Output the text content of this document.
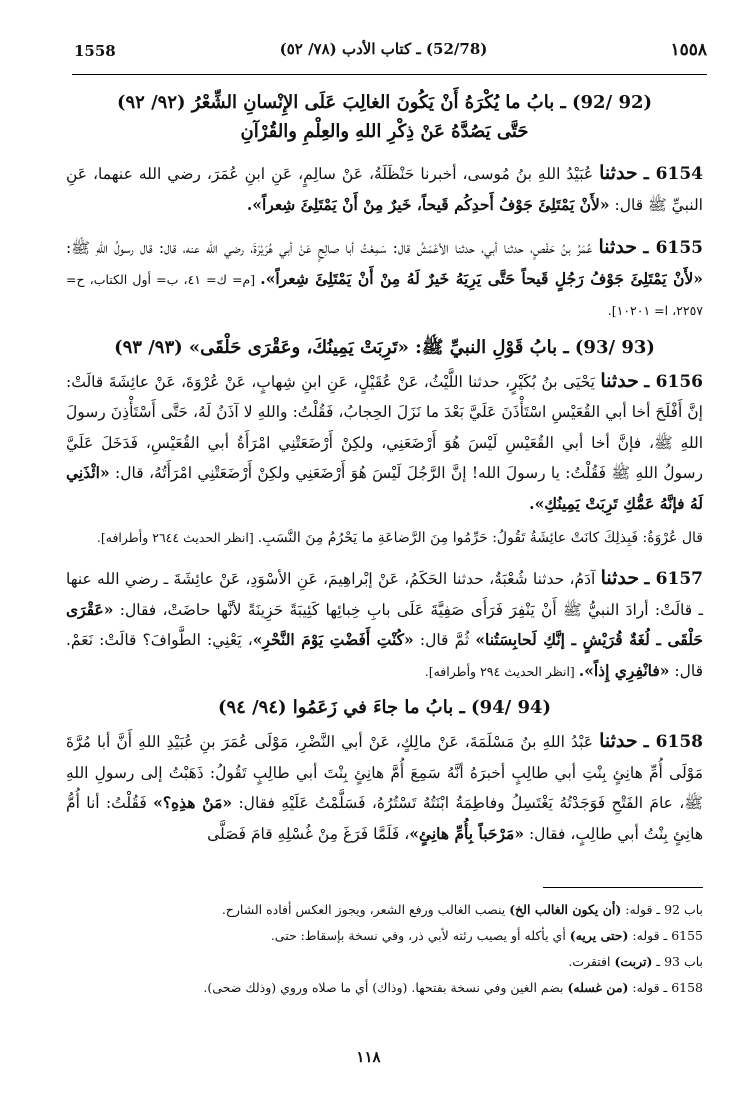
1558	(52/78) ـ كتاب الأدب (٧٨/ ٥٢)	١٥٥٨

(92 /92) ـ بابُ ما يُكْرَهُ أَنْ يَكُونَ الغالِبَ عَلَى الإِنْسانِ الشِّعْرُ (٩٢/ ٩٢)

حَتَّى يَصُدَّهُ عَنْ ذِكْرِ اللهِ والعِلْمِ والقُرْآنِ

6154 ـ حدثنا عُبَيْدُ اللهِ بنُ مُوسى، أخبرنا حَنْظَلَةُ، عَنْ سالِمٍ، عَنِ ابنِ عُمَرَ، رضي الله عنهما، عَنِ النبيِّ ﷺ قال: «لأَنْ يَمْتَلِئَ جَوْفُ أَحدِكُم قَيحاً، خَيرٌ مِنْ أَنْ يَمْتَلِئَ شِعراً».

6155 ـ حدثنا عُمَرُ بنُ حَفْصٍ، حدثنا أبي، حدثنا الأعْمَشُ قال: سَمِعْتُ أبا صالِحٍ عَنْ أبي هُرَيْرَةَ، رضي الله عنه، قال: قال رسولُ اللهِ ﷺ: «لأَنْ يَمْتَلِئَ جَوْفُ رَجُلٍ قَيحاً حَتَّى يَرِيَهُ خَيرٌ لَهُ مِنْ أَنْ يَمْتَلِئَ شِعراً». [م= ك= ٤١، ب= أول الكتاب، ح= ٢٢٥٧، ا= ١٠٢٠١].

(93 /93) ـ بابُ قَوْلِ النبيِّ ﷺ: «تَرِبَتْ يَمِينُكَ، وعَقْرَى حَلْقَى» (٩٣/ ٩٣)

6156 ـ حدثنا يَحْيَى بنُ بُكَيْرٍ، حدثنا اللَّيْثُ، عَنْ عُقَيْلٍ، عَنِ ابنِ شِهابٍ، عَنْ عُرْوَةَ، عَنْ عائِشَةَ قالَتْ: إنَّ أَفْلَحَ أخا أبي القُعَيْسِ اسْتَأْذَنَ عَلَيَّ بَعْدَ ما نَزَلَ الحِجابُ، فَقُلْتُ: واللهِ لا آذَنُ لَهُ، حَتَّى أَسْتَأْذِنَ رسولَ اللهِ ﷺ، فإنَّ أخا أبي القُعَيْسِ لَيْسَ هُوَ أَرْضَعَنِي، ولكِنْ أَرْضَعَتْنِي امْرَأَةُ أبي القُعَيْسِ، فَدَخَلَ عَلَيَّ رسولُ اللهِ ﷺ فَقُلْتُ: يا رسولَ الله! إنَّ الرَّجُلَ لَيْسَ هُوَ أَرْضَعَنِي ولكِنْ أَرْضَعَتْنِي امْرَأَتُهُ، قال: «ائْذَنِي لَهُ فإنَّهُ عَمُّكِ تَرِبَتْ يَمِينُكِ».

قال عُرْوَةُ: فَبِذلِكَ كانَتْ عائِشَةُ تَقُولُ: حَرِّمُوا مِنَ الرَّضاعَةِ ما يَحْرُمُ مِنَ النَّسَبِ. [انظر الحديث ٢٦٤٤ وأطرافه].

6157 ـ حدثنا آدَمُ، حدثنا شُعْبَةُ، حدثنا الحَكَمُ، عَنْ إبْراهِيمَ، عَنِ الأسْوَدِ، عَنْ عائِشَةَ ـ رضي الله عنها ـ قالَتْ: أرادَ النبيُّ ﷺ أَنْ يَنْفِرَ فَرَأَى صَفِيَّةَ عَلَى بابِ خِبائِها كَئِيبَةً حَزِينَةً لأنَّها حاضَتْ، فقال: «عَقْرَى حَلْقَى ـ لُغَةٌ قُرَيْشٍ ـ إنَّكِ لَحابِسَتُنا» ثُمَّ قال: «كُنْتِ أَفَضْتِ يَوْمَ النَّحْرِ»، يَعْنِي: الطَّوافَ؟ قالَتْ: نَعَمْ. قال: «فانْفِرِي إِذاً». [انظر الحديث ٢٩٤ وأطرافه].

(94 /94) ـ بابُ ما جاءَ في زَعَمُوا (٩٤/ ٩٤)

6158 ـ حدثنا عَبْدُ اللهِ بنُ مَسْلَمَةَ، عَنْ مالِكٍ، عَنْ أبي النَّضْرِ، مَوْلَى عُمَرَ بنِ عُبَيْدِ اللهِ أَنَّ أبا مُرَّةَ مَوْلَى أُمِّ هانِئٍ بِنْتِ أبي طالِبٍ أخبرَهُ أنَّهُ سَمِعَ أُمَّ هانِئٍ بِنْتَ أبي طالِبٍ تَقُولُ: ذَهَبْتُ إلى رسولِ اللهِ ﷺ، عامَ الفَتْحِ فَوَجَدْتُهُ يَغْتَسِلُ وفاطِمَةُ ابْنَتُهُ تَسْتُرُهُ، فَسَلَّمْتُ عَلَيْهِ فقال: «مَنْ هذِهِ؟» فَقُلْتُ: أنا أُمُّ هانِئٍ بِنْتُ أبي طالِبٍ، فقال: «مَرْحَباً بِأُمِّ هانِئٍ»، فَلَمَّا فَرَغَ مِنْ غُسْلِهِ قامَ فَصَلَّى

باب 92 ـ قوله: (أن يكون الغالب الخ) ينصب الغالب ورفع الشعر، ويجوز العكس أفاده الشارح.

6155 ـ قوله: (حتى يريه) أي يأكله أو يصيب رئته لأبي ذر، وفي نسخة بإسقاط: حتى.

باب 93 ـ (تربت) افتقرت.

6158 ـ قوله: (من غسله) بضم الغين وفي نسخة بفتحها. (وذاك) أي ما صلاه وروي (وذلك ضحى).

١١٨
